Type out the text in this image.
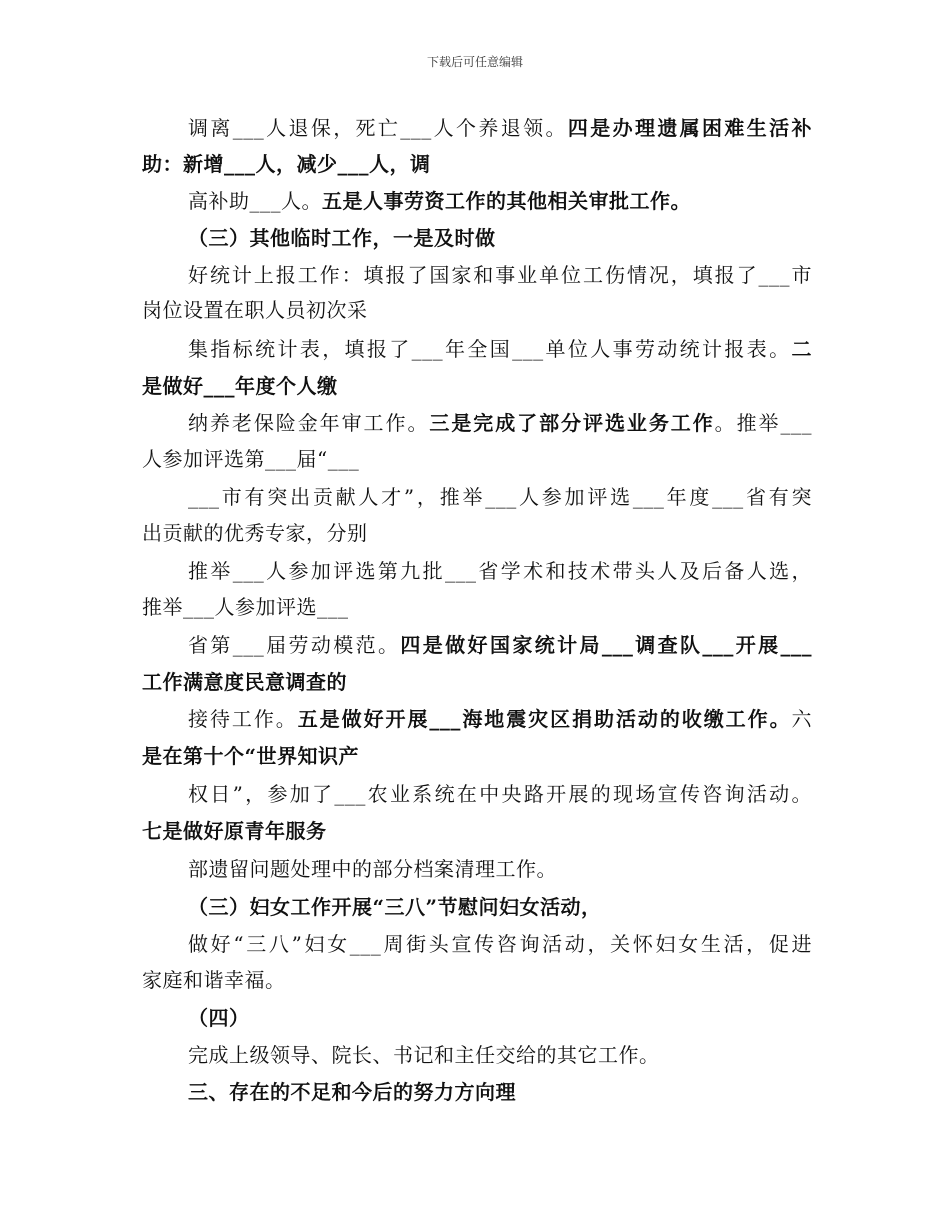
下载后可任意编辑
调离___人退保，死亡___人个养退领。四是办理遗属困难生活补
助：新增___人，减少___人，调
高补助___人。五是人事劳资工作的其他相关审批工作。
（三）其他临时工作，一是及时做
好统计上报工作：填报了国家和事业单位工伤情况，填报了___市
岗位设置在职人员初次采
集指标统计表，填报了___年全国___单位人事劳动统计报表。二
是做好___年度个人缴
纳养老保险金年审工作。三是完成了部分评选业务工作。推举___
人参加评选第___届“___
___市有突出贡献人才”，推举___人参加评选___年度___省有突
出贡献的优秀专家，分别
推举___人参加评选第九批___省学术和技术带头人及后备人选，
推举___人参加评选___
省第___届劳动模范。四是做好国家统计局___调查队___开展___
工作满意度民意调查的
接待工作。五是做好开展___海地震灾区捐助活动的收缴工作。六
是在第十个“世界知识产
权日”，参加了___农业系统在中央路开展的现场宣传咨询活动。
七是做好原青年服务
部遗留问题处理中的部分档案清理工作。
（三）妇女工作开展“三八”节慰问妇女活动，
做好“三八”妇女___周街头宣传咨询活动，关怀妇女生活，促进
家庭和谐幸福。
（四）
完成上级领导、院长、书记和主任交给的其它工作。
三、存在的不足和今后的努力方向理
